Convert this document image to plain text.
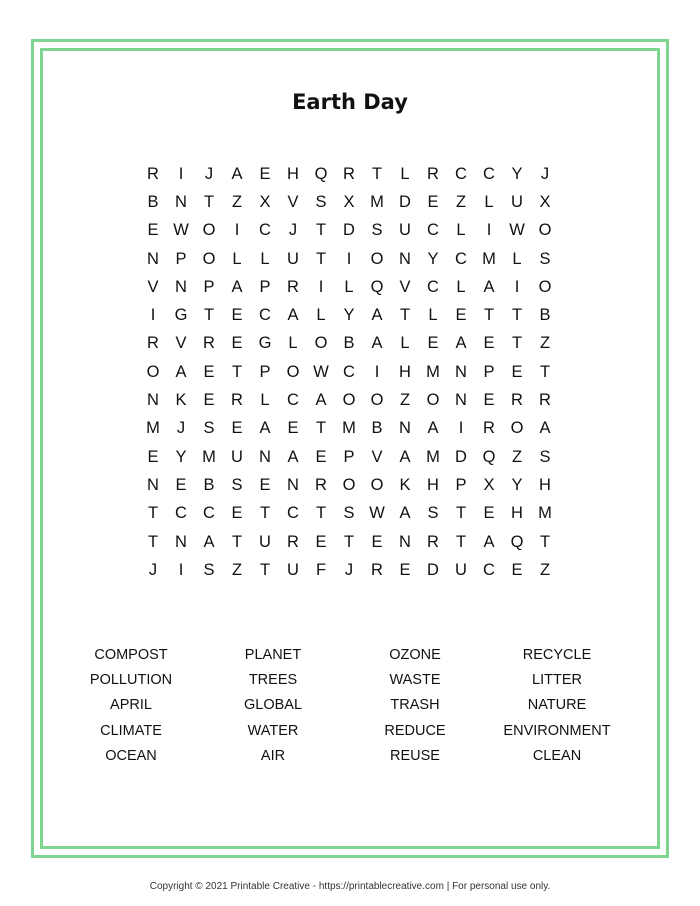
Earth Day
R	I	J	A	E	H Q R	T	L	R C C	Y	J
B	N	T	Z	X	V	S	X M D	E	Z	L	U	X
E W O	I	C	J	T	D	S	U C	L	I	W O
N	P O	L	L	U	T	I	O N	Y	C M	L	S
V	N	P	A	P	R	I	L	Q V	C	L	A	I	O
I	G	T	E	C	A	L	Y	A	T	L	E	T	T	B
R	V	R	E G	L	O B	A	L	E	A	E	T	Z
O A	E	T	P O W C	I	H M N	P	E	T
N	K	E	R	L	C	A O O	Z	O N	E	R R
M	J	S	E	A	E	T M B	N	A	I	R O A
E	Y M U N	A	E	P	V	A M D Q	Z	S
N	E	B	S	E	N R O O K	H	P	X	Y	H
T	C C	E	T	C	T	S W A	S	T	E	H M
T	N	A	T	U R	E	T	E	N R	T	A Q	T
J	I	S	Z	T	U	F	J	R	E	D U C	E	Z
COMPOST	PLANET	OZONE	RECYCLE
POLLUTION	TREES	WASTE	LITTER
APRIL	GLOBAL	TRASH	NATURE
CLIMATE	WATER	REDUCE	ENVIRONMENT
OCEAN	AIR	REUSE	CLEAN
Copyright © 2021 Printable Creative - https://printablecreative.com | For personal use only.
